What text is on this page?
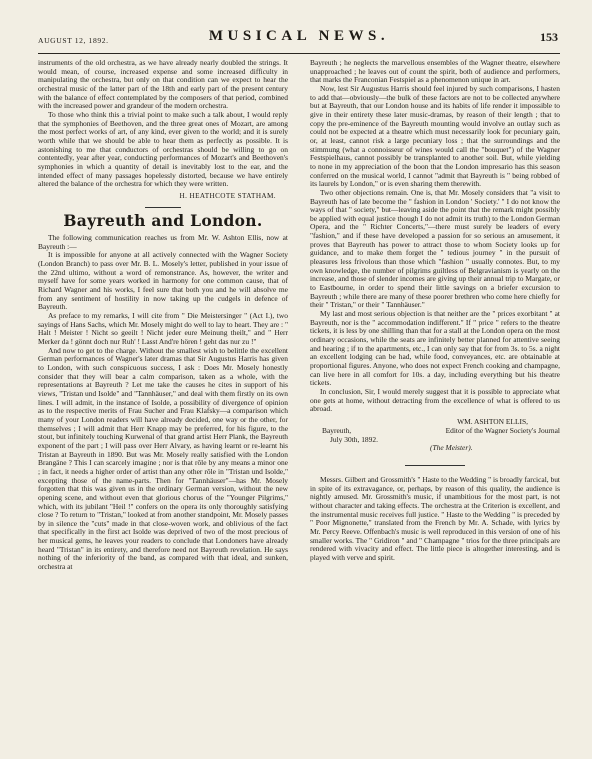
AUGUST 12, 1892.	MUSICAL NEWS.	153

instruments of the old orchestra, as we have already nearly doubled the strings. It would mean, of course, increased expense and some increased difficulty in manipulating the orchestra, but only on that condition can we expect to hear the orchestral music of the latter part of the 18th and early part of the present century with the balance of effect contemplated by the composers of that period, combined with the increased power and grandeur of the modern orchestra.

To those who think this a trivial point to make such a talk about, I would reply that the symphonies of Beethoven, and the three great ones of Mozart, are among the most perfect works of art, of any kind, ever given to the world; and it is surely worth while that we should be able to hear them as perfectly as possible. It is astonishing to me that conductors of orchestras should be willing to go on contentedly, year after year, conducting performances of Mozart's and Beethoven's symphonies in which a quantity of detail is inevitably lost to the ear, and the intended effect of many passages hopelessly distorted, because we have entirely altered the balance of the orchestra for which they were written.

H. HEATHCOTE STATHAM.
Bayreuth and London.

The following communication reaches us from Mr. W. Ashton Ellis, now at Bayreuth :—

It is impossible for anyone at all actively connected with the Wagner Society (London Branch) to pass over Mr. B. L. Mosely's letter, published in your issue of the 22nd ultimo, without a word of remonstrance. As, however, the writer and myself have for some years worked in harmony for one common cause, that of Richard Wagner and his works, I feel sure that both you and he will absolve me from any sentiment of hostility in now taking up the cudgels in defence of Bayreuth.

As preface to my remarks, I will cite from " Die Meistersinger " (Act I.), two sayings of Hans Sachs, which Mr. Mosely might do well to lay to heart. They are : " Halt ! Meister ! Nicht so geeilt ! Nicht jeder eure Meinung theilt," and " Herr Merker da ! gönnt doch nur Ruh' ! Lasst And're hören ! geht das nur zu !"

And now to get to the charge. Without the smallest wish to belittle the excellent German performances of Wagner's later dramas that Sir Augustus Harris has given to London, with such conspicuous success, I ask : Does Mr. Mosely honestly consider that they will bear a calm comparison, taken as a whole, with the representations at Bayreuth ? Let me take the causes he cites in support of his views, "Tristan und Isolde" and "Tannhäuser," and deal with them firstly on its own lines. I will admit, in the instance of Isolde, a possibility of divergence of opinion as to the respective merits of Frau Sucher and Frau Klafsky—a comparison which many of your London readers will have already decided, one way or the other, for themselves ; I will admit that Herr Knapp may be preferred, for his figure, to the stout, but infinitely touching Kurwenal of that grand artist Herr Plank, the Bayreuth exponent of the part ; I will pass over Herr Alvary, as having learnt or re-learnt his Tristan at Bayreuth in 1890. But was Mr. Mosely really satisfied with the London Brangäne ? This I can scarcely imagine ; nor is that rôle by any means a minor one ; in fact, it needs a higher order of artist than any other rôle in "Tristan und Isolde," excepting those of the name-parts. Then for "Tannhäuser"—has Mr. Mosely forgotten that this was given us in the ordinary German version, without the new opening scene, and without even that glorious chorus of the "Younger Pilgrims," which, with its jubilant "Heil !" confers on the opera its only thoroughly satisfying close ? To return to "Tristan," looked at from another standpoint, Mr. Mosely passes by in silence the "cuts" made in that close-woven work, and oblivious of the fact that specifically in the first act Isolde was deprived of two of the most precious of her musical gems, he leaves your readers to conclude that Londoners have already heard "Tristan" in its entirety, and therefore need not Bayreuth revelation. He says nothing of the inferiority of the band, as compared with that ideal, and sunken, orchestra at

Bayreuth ; he neglects the marvellous ensembles of the Wagner theatre, elsewhere unapproached ; he leaves out of count the spirit, both of audience and performers, that marks the Franconian Festspiel as a phenomenon unique in art.

Now, lest Sir Augustus Harris should feel injured by such comparisons, I hasten to add that—obviously—the bulk of these factors are not to be collected anywhere but at Bayreuth, that our London house and its habits of life render it impossible to give in their entirety these later music-dramas, by reason of their length ; that to copy the pre-eminence of the Bayreuth mounting would involve an outlay such as could not be expected at a theatre which must necessarily look for pecuniary gain, or, at least, cannot risk a large pecuniary loss ; that the surroundings and the stimmung (what a connoisseur of wines would call the "bouquet") of the Wagner Festspielhaus, cannot possibly be transplanted to another soil. But, while yielding to none in my appreciation of the boon that the London impresario has this season conferred on the musical world, I cannot "admit that Bayreuth is " being robbed of its laurels by London," or is even sharing them therewith.

Two other objections remain. One is, that Mr. Mosely considers that "a visit to Bayreuth has of late become the " fashion in London ' Society.' " I do not know the ways of that " society," but—leaving aside the point that the remark might possibly be applied with equal justice though I do not admit its truth) to the London German Opera, and the " Richter Concerts,"—there must surely be leaders of every "fashion," and if these have developed a passion for so serious an amusement, it proves that Bayreuth has power to attract those to whom Society looks up for guidance, and to make them forget the " tedious journey " in the pursuit of pleasures less frivolous than those which "fashion " usually connotes. But, to my own knowledge, the number of pilgrims guiltless of Belgravianism is yearly on the increase, and those of slender incomes are giving up their annual trip to Margate, or to Eastbourne, in order to spend their little savings on a briefer excursion to Bayreuth ; while there are many of these poorer brethren who come here chiefly for their " Tristan," or their " Tannhäuser."

My last and most serious objection is that neither are the " prices exorbitant " at Bayreuth, nor is the " accommodation indifferent." If " price " refers to the theatre tickets, it is less by one shilling than that for a stall at the London opera on the most ordinary occasions, while the seats are infinitely better planned for attentive seeing and hearing ; if to the apartments, etc., I can only say that for from 3s. to 5s. a night an excellent lodging can be had, while food, conveyances, etc. are obtainable at proportional figures. Anyone, who does not expect French cooking and champagne, can live here in all comfort for 10s. a day, including everything but his theatre tickets.

In conclusion, Sir, I would merely suggest that it is possible to appreciate what one gets at home, without detracting from the excellence of what is offered to us abroad.

WM. ASHTON ELLIS,
Bayreuth,	Editor of the Wagner Society's Journal
July 30th, 1892.
(The Meister).

Messrs. Gilbert and Grossmith's " Haste to the Wedding " is broadly farcical, but in spite of its extravagance, or, perhaps, by reason of this quality, the audience is nightly amused. Mr. Grossmith's music, if unambitious for the most part, is not without character and taking effects. The orchestra at the Criterion is excellent, and the instrumental music receives full justice. " Haste to the Wedding " is preceded by " Poor Mignonette," translated from the French by Mr. A. Schade, with lyrics by Mr. Percy Reeve. Offenbach's music is well reproduced in this version of one of his smaller works. The " Gridiron " and " Champagne " trios for the three principals are rendered with vivacity and effect. The little piece is altogether interesting, and is played with verve and spirit.
